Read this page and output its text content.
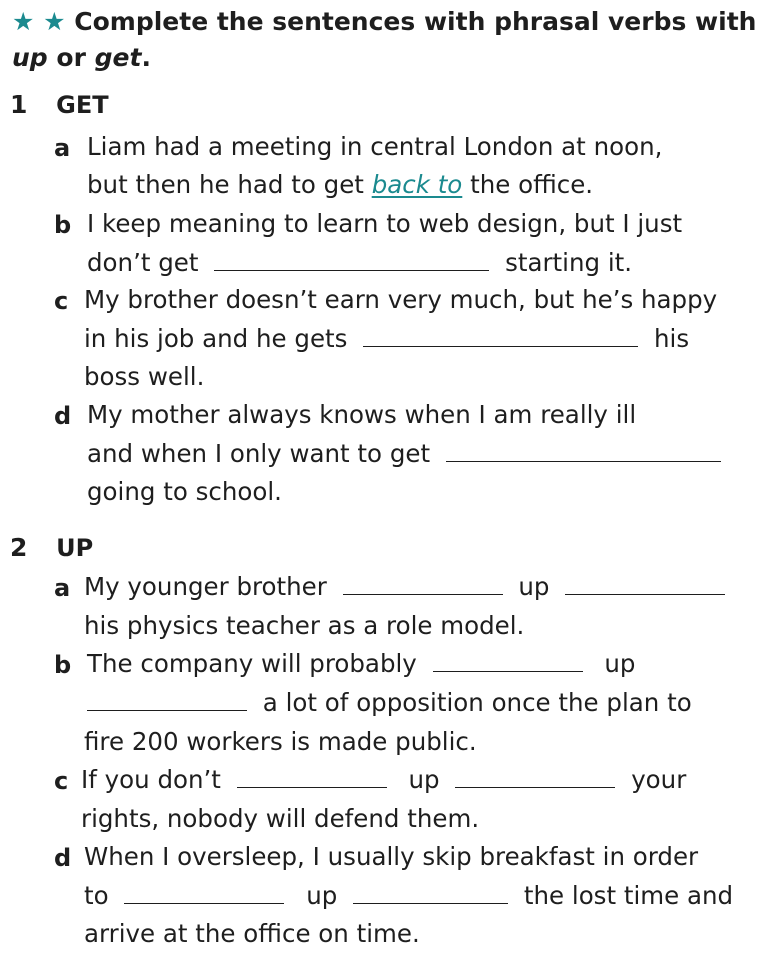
★ ★ Complete the sentences with phrasal verbs with
up or get.
1 GET
a Liam had a meeting in central London at noon,
but then he had to get back to the office.
b I keep meaning to learn to web design, but I just
don’t get	starting it.
c My brother doesn’t earn very much, but he’s happy
in his job and he gets	his
boss well.
d My mother always knows when I am really ill
and when I only want to get
going to school.
2 UP
a My younger brother	up
his physics teacher as a role model.
b The company will probably	up
a lot of opposition once the plan to
fire 200 workers is made public.
c If you don’t	up	your
rights, nobody will defend them.
d When I oversleep, I usually skip breakfast in order
to	up	the lost time and
arrive at the office on time.
